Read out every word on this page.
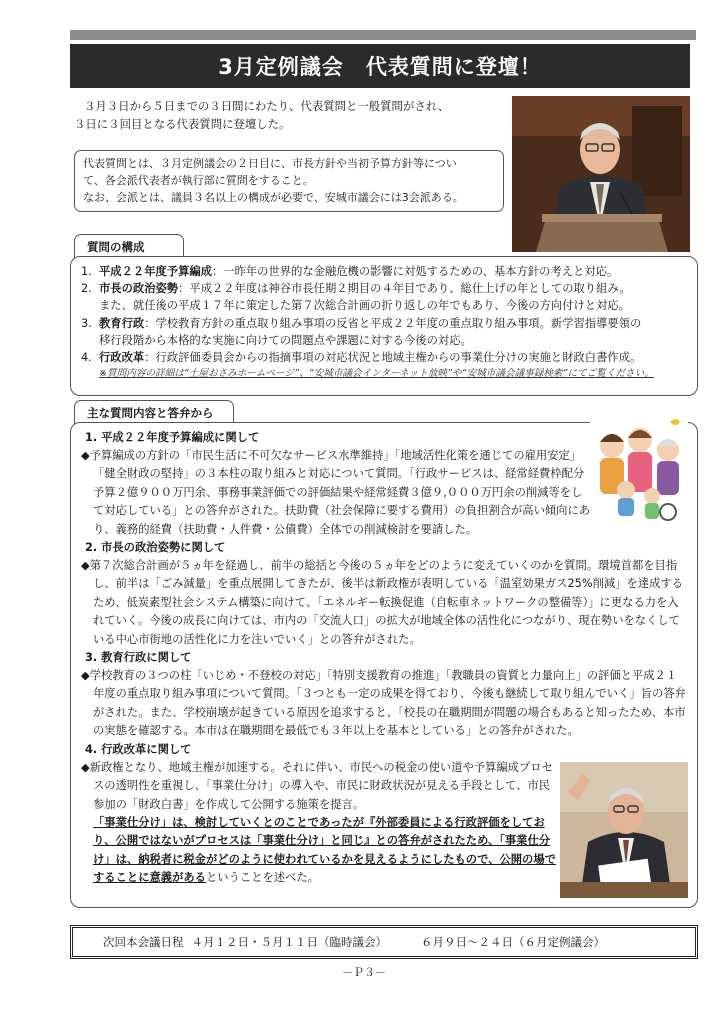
3月定例議会 代表質問に登壇！

３月３日から５日までの３日間にわたり、代表質問と一般質問がされ、

３日に３回目となる代表質問に登壇した。

代表質問とは、３月定例議会の２日目に、市長方針や当初予算方針等につい
て、各会派代表者が執行部に質問をすること。
なお、会派とは、議員３名以上の構成が必要で、安城市議会には3会派ある。
質問の構成
1. 平成２２年度予算編成：一昨年の世界的な金融危機の影響に対処するための、基本方針の考えと対応。
2. 市長の政治姿勢：平成２２年度は神谷市長任期２期目の４年目であり、総仕上げの年としての取り組み。
また、就任後の平成１７年に策定した第７次総合計画の折り返しの年でもあり、今後の方向付けと対応。
3. 教育行政：学校教育方針の重点取り組み事項の反省と平成２２年度の重点取り組み事項。新学習指導要領の
移行段階から本格的な実施に向けての問題点や課題に対する今後の対応。
4. 行政改革：行政評価委員会からの指摘事項の対応状況と地域主権からの事業仕分けの実施と財政白書作成。
※質問内容の詳細は“土屋おさみホームページ”、“安城市議会インターネット放映”や“安城市議会議事録検索”にてご覧ください。
主な質問内容と答弁から
1. 平成２２年度予算編成に関して
◆予算編成の方針の「市民生活に不可欠なサービス水準維持」「地域活性化策を通じての雇用安定」「健全財政の堅持」の３本柱の取り組みと対応について質問。「行政サービスは、経常経費枠配分予算２億９００万円余、事務事業評価での評価結果や経常経費３億９,０００万円余の削減等をして対応している」との答弁がされた。扶助費（社会保障に要する費用）の負担割合が高い傾向にあり、義務的経費（扶助費・人件費・公債費）全体での削減検討を要請した。
2. 市長の政治姿勢に関して
◆第７次総合計画が５ヵ年を経過し、前半の総括と今後の５ヵ年をどのように変えていくのかを質問。環境首都を目指し、前半は「ごみ減量」を重点展開してきたが、後半は新政権が表明している「温室効果ガス25%削減」を達成するため、低炭素型社会システム構築に向けて、「エネルギー転換促進（自転車ネットワークの整備等）」に更なる力を入れていく。今後の成長に向けては、市内の「交流人口」の拡大が地域全体の活性化につながり、現在勢いをなくしている中心市街地の活性化に力を注いでいく」との答弁がされた。
3. 教育行政に関して
◆学校教育の３つの柱「いじめ・不登校の対応」「特別支援教育の推進」「教職員の資質と力量向上」の評価と平成２１年度の重点取り組み事項について質問。「３つとも一定の成果を得ており、今後も継続して取り組んでいく」旨の答弁がされた。また、学校崩壊が起きている原因を追求すると、「校長の在職期間が問題の場合もあると知ったため、本市の実態を確認する。本市は在職期間を最低でも３年以上を基本としている」との答弁がされた。
4. 行政改革に関して
◆新政権となり、地域主権が加速する。それに伴い、市民への税金の使い道や予算編成プロセスの透明性を重視し、「事業仕分け」の導入や、市民に財政状況が見える手段として、市民参加の「財政白書」を作成して公開する施策を提言。
「事業仕分け」は、検討していくとのことであったが『外部委員による行政評価をしており、公開ではないがプロセスは「事業仕分け」と同じ』との答弁がされたため、「事業仕分け」は、納税者に税金がどのように使われているかを見えるようにしたもので、公開の場ですることに意義があるということを述べた。
次回本会議日程 ４月１２日・５月１１日（臨時議会）	６月９日～２４日（６月定例議会）
－Ｐ３－
